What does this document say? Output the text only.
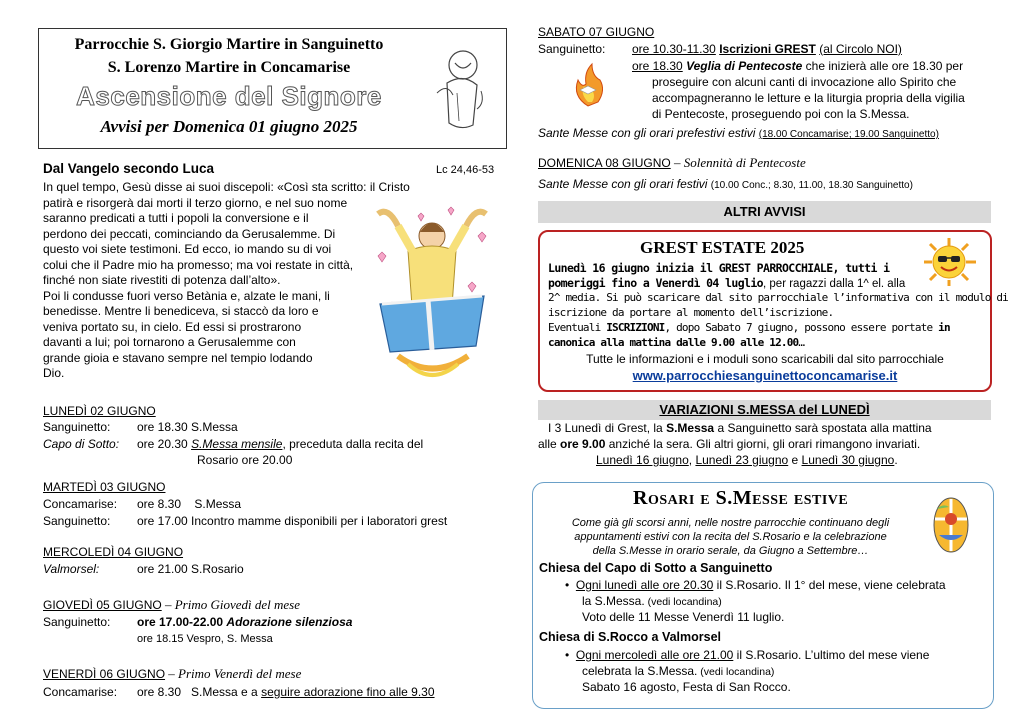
Parrocchie S. Giorgio Martire in Sanguinetto
S. Lorenzo Martire in Concamarise
Ascensione del Signore
Avvisi per Domenica 01 giugno 2025
Dal Vangelo secondo Luca	Lc 24,46-53
In quel tempo, Gesù disse ai suoi discepoli: «Così sta scritto: il Cristo
patirà e risorgerà dai morti il terzo giorno, e nel suo nome
saranno predicati a tutti i popoli la conversione e il
perdono dei peccati, cominciando da Gerusalemme. Di
questo voi siete testimoni. Ed ecco, io mando su di voi
colui che il Padre mio ha promesso; ma voi restate in città,
finché non siate rivestiti di potenza dall’alto».
Poi li condusse fuori verso Betània e, alzate le mani, li
benedisse. Mentre li benediceva, si staccò da loro e
veniva portato su, in cielo. Ed essi si prostrarono
davanti a lui; poi tornarono a Gerusalemme con
grande gioia e stavano sempre nel tempio lodando
Dio.
LUNEDÌ 02 GIUGNO
Sanguinetto: ore 18.30 S.Messa
Capo di Sotto: ore 20.30 S.Messa mensile, preceduta dalla recita del
Rosario ore 20.00
MARTEDÌ 03 GIUGNO
Concamarise: ore 8.30    S.Messa
Sanguinetto: ore 17.00 Incontro mamme disponibili per i laboratori grest
MERCOLEDÌ 04 GIUGNO
Valmorsel:	ore 21.00 S.Rosario
GIOVEDÌ 05 GIUGNO – Primo Giovedì del mese
Sanguinetto: ore 17.00-22.00 Adorazione silenziosa
ore 18.15 Vespro, S. Messa
VENERDÌ 06 GIUGNO – Primo Venerdì del mese
Concamarise: ore 8.30   S.Messa e a seguire adorazione fino alle 9.30
SABATO 07 GIUGNO
Sanguinetto: ore 10.30-11.30 Iscrizioni GREST (al Circolo NOI)
ore 18.30 Veglia di Pentecoste che inizierà alle ore 18.30 per
proseguire con alcuni canti di invocazione allo Spirito che
accompagneranno le letture e la liturgia propria della vigilia
di Pentecoste, proseguendo poi con la S.Messa.
Sante Messe con gli orari prefestivi estivi (18.00 Concamarise; 19.00 Sanguinetto)
DOMENICA 08 GIUGNO – Solennità di Pentecoste
Sante Messe con gli orari festivi (10.00 Conc.; 8.30, 11.00, 18.30 Sanguinetto)
ALTRI AVVISI
GREST ESTATE 2025
Lunedì 16 giugno inizia il GREST PARROCCHIALE, tutti i
pomeriggi fino a Venerdì 04 luglio, per ragazzi dalla 1^ el. alla
2^ media. Si può scaricare dal sito parrocchiale l’informativa con il modulo di
iscrizione da portare al momento dell’iscrizione.
Eventuali ISCRIZIONI, dopo Sabato 7 giugno, possono essere portate in
canonica alla mattina dalle 9.00 alle 12.00…
Tutte le informazioni e i moduli sono scaricabili dal sito parrocchiale
www.parrocchiesanguinettoconcamarise.it
VARIAZIONI S.MESSA del LUNEDÌ
I 3 Lunedì di Grest, la S.Messa a Sanguinetto sarà spostata alla mattina
alle ore 9.00 anziché la sera. Gli altri giorni, gli orari rimangono invariati.
Lunedì 16 giugno, Lunedì 23 giugno e Lunedì 30 giugno.
Rosari e S.Messe estive
Come già gli scorsi anni, nelle nostre parrocchie continuano degli
appuntamenti estivi con la recita del S.Rosario e la celebrazione
della S.Messe in orario serale, da Giugno a Settembre…
Chiesa del Capo di Sotto a Sanguinetto
•  Ogni lunedì alle ore 20.30 il S.Rosario. Il 1° del mese, viene celebrata
la S.Messa. (vedi locandina)
Voto delle 11 Messe Venerdì 11 luglio.
Chiesa di S.Rocco a Valmorsel
•  Ogni mercoledì alle ore 21.00 il S.Rosario. L’ultimo del mese viene
celebrata la S.Messa. (vedi locandina)
Sabato 16 agosto, Festa di San Rocco.
